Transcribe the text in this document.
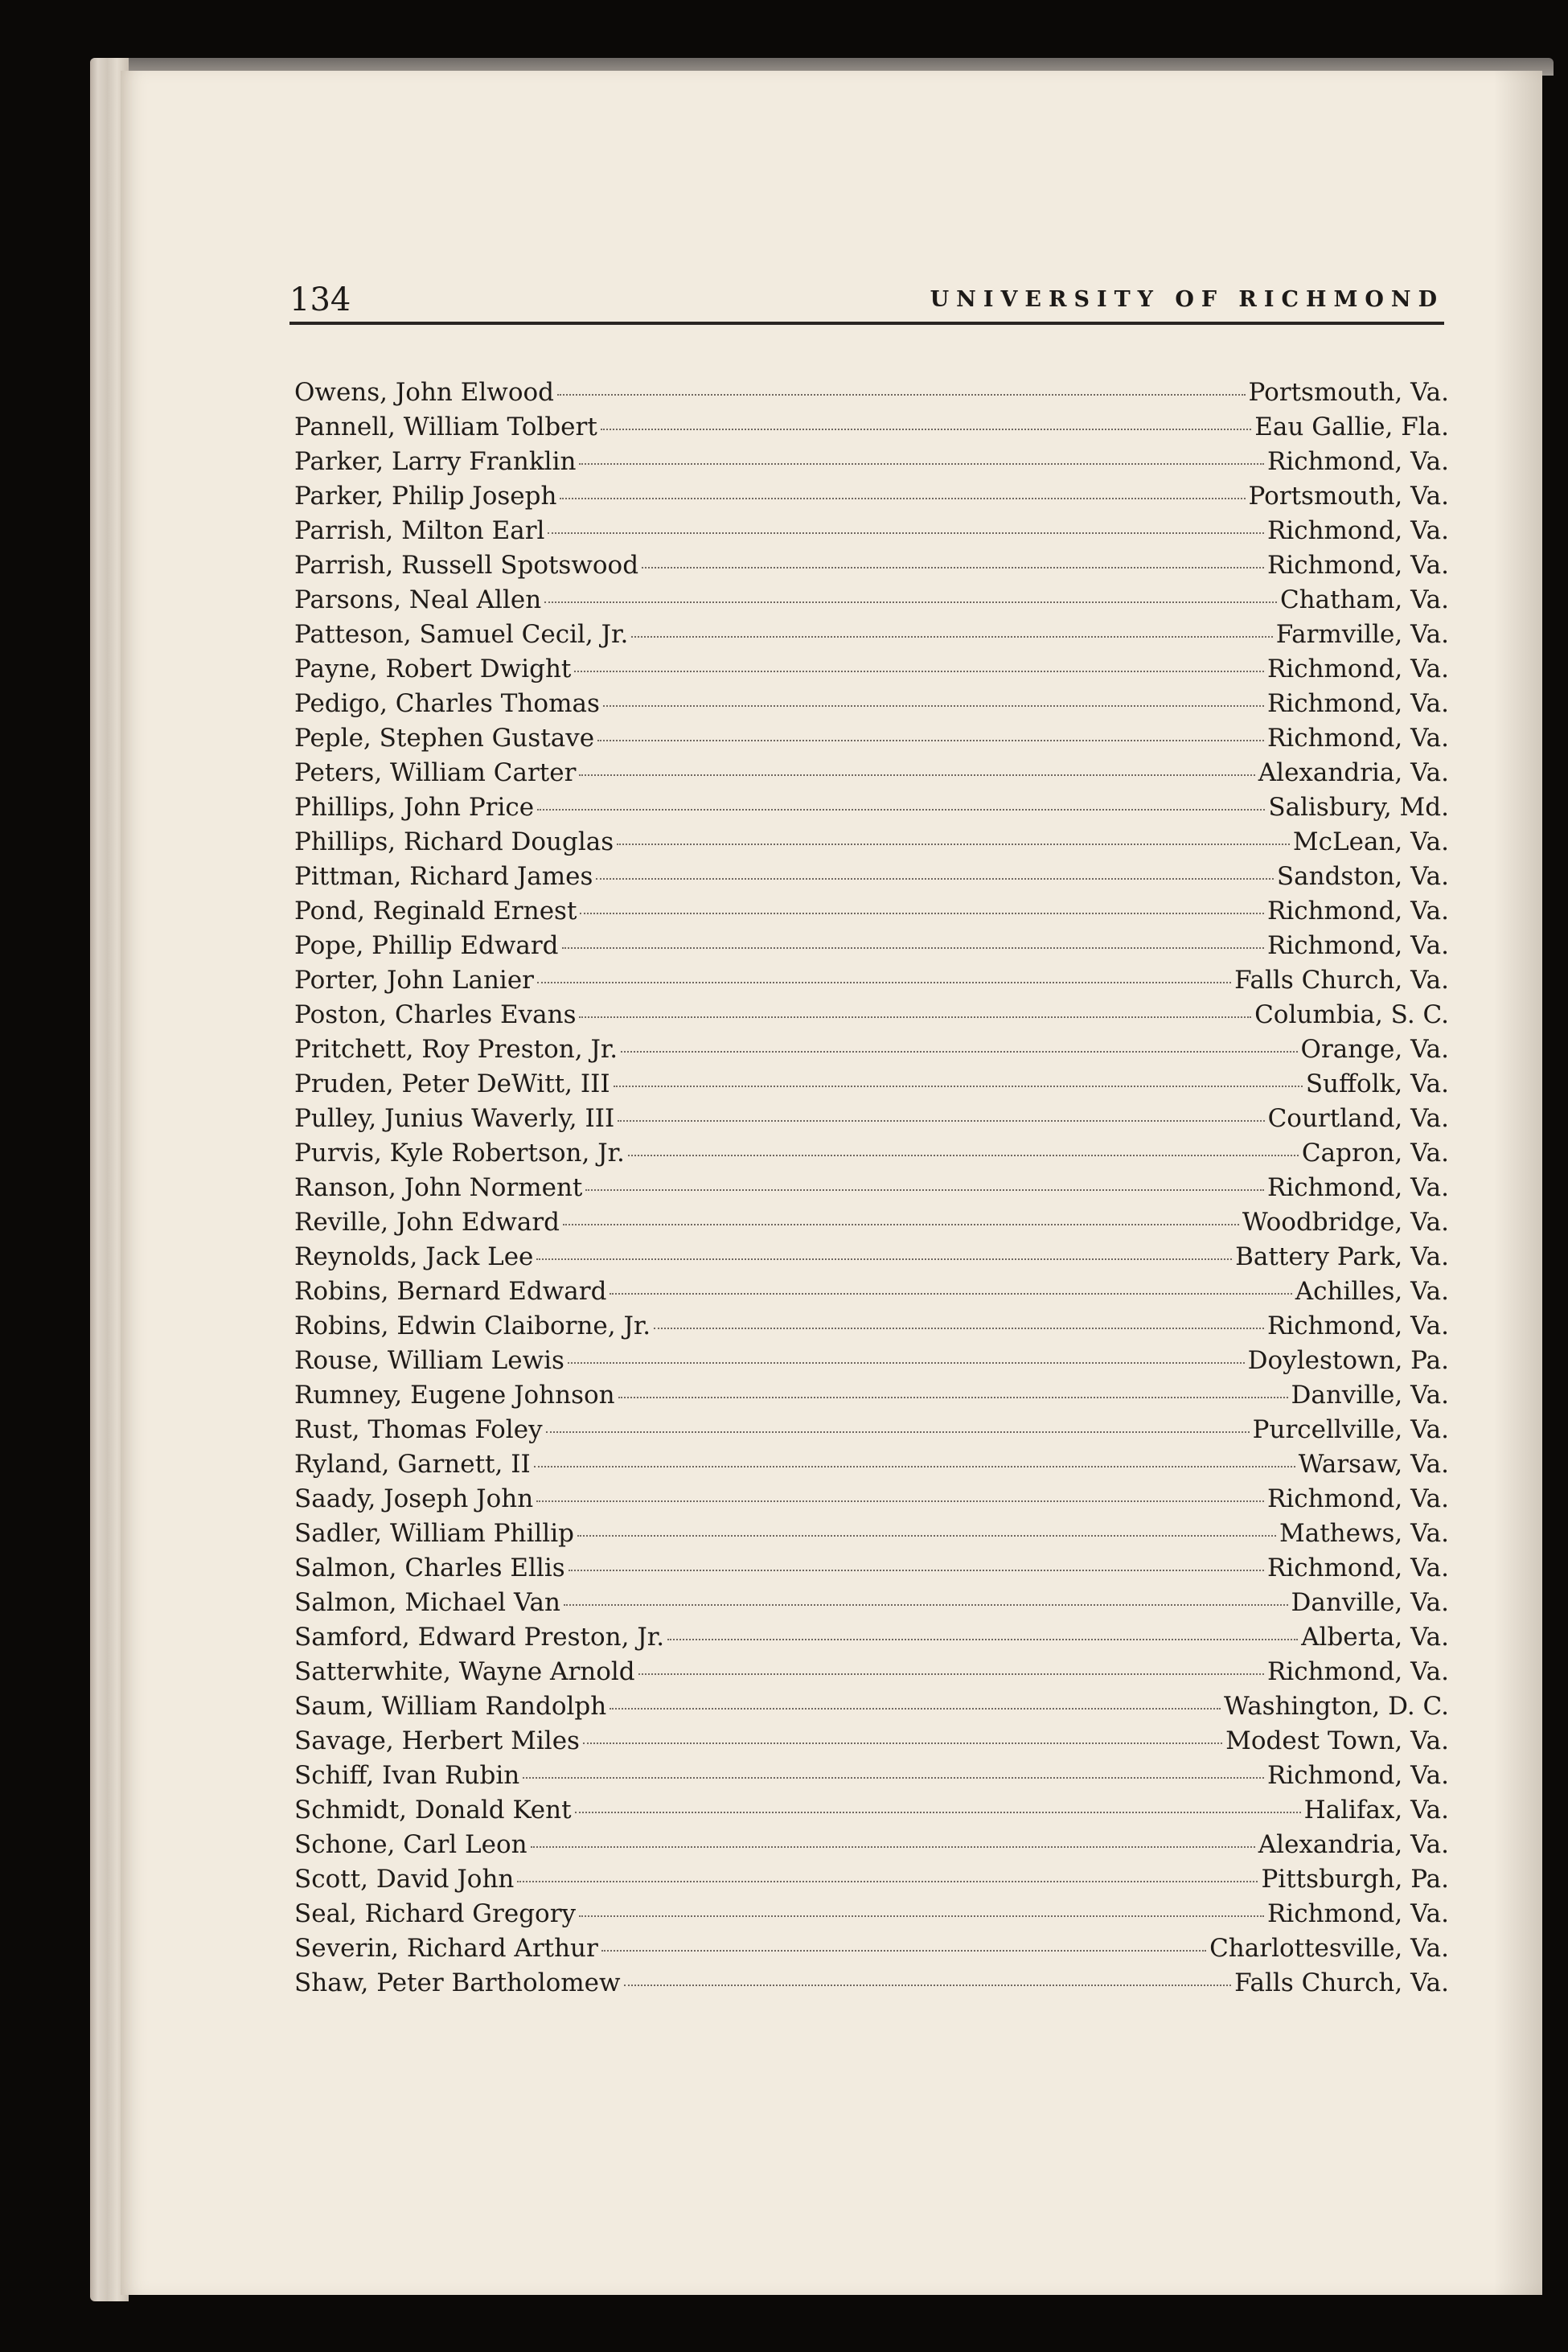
134	UNIVERSITY OF RICHMOND
Owens, John Elwood	Portsmouth, Va.
Pannell, William Tolbert	Eau Gallie, Fla.
Parker, Larry Franklin	Richmond, Va.
Parker, Philip Joseph	Portsmouth, Va.
Parrish, Milton Earl	Richmond, Va.
Parrish, Russell Spotswood	Richmond, Va.
Parsons, Neal Allen	Chatham, Va.
Patteson, Samuel Cecil, Jr.	Farmville, Va.
Payne, Robert Dwight	Richmond, Va.
Pedigo, Charles Thomas	Richmond, Va.
Peple, Stephen Gustave	Richmond, Va.
Peters, William Carter	Alexandria, Va.
Phillips, John Price	Salisbury, Md.
Phillips, Richard Douglas	McLean, Va.
Pittman, Richard James	Sandston, Va.
Pond, Reginald Ernest	Richmond, Va.
Pope, Phillip Edward	Richmond, Va.
Porter, John Lanier	Falls Church, Va.
Poston, Charles Evans	Columbia, S. C.
Pritchett, Roy Preston, Jr.	Orange, Va.
Pruden, Peter DeWitt, III	Suffolk, Va.
Pulley, Junius Waverly, III	Courtland, Va.
Purvis, Kyle Robertson, Jr.	Capron, Va.
Ranson, John Norment	Richmond, Va.
Reville, John Edward	Woodbridge, Va.
Reynolds, Jack Lee	Battery Park, Va.
Robins, Bernard Edward	Achilles, Va.
Robins, Edwin Claiborne, Jr.	Richmond, Va.
Rouse, William Lewis	Doylestown, Pa.
Rumney, Eugene Johnson	Danville, Va.
Rust, Thomas Foley	Purcellville, Va.
Ryland, Garnett, II	Warsaw, Va.
Saady, Joseph John	Richmond, Va.
Sadler, William Phillip	Mathews, Va.
Salmon, Charles Ellis	Richmond, Va.
Salmon, Michael Van	Danville, Va.
Samford, Edward Preston, Jr.	Alberta, Va.
Satterwhite, Wayne Arnold	Richmond, Va.
Saum, William Randolph	Washington, D. C.
Savage, Herbert Miles	Modest Town, Va.
Schiff, Ivan Rubin	Richmond, Va.
Schmidt, Donald Kent	Halifax, Va.
Schone, Carl Leon	Alexandria, Va.
Scott, David John	Pittsburgh, Pa.
Seal, Richard Gregory	Richmond, Va.
Severin, Richard Arthur	Charlottesville, Va.
Shaw, Peter Bartholomew	Falls Church, Va.
